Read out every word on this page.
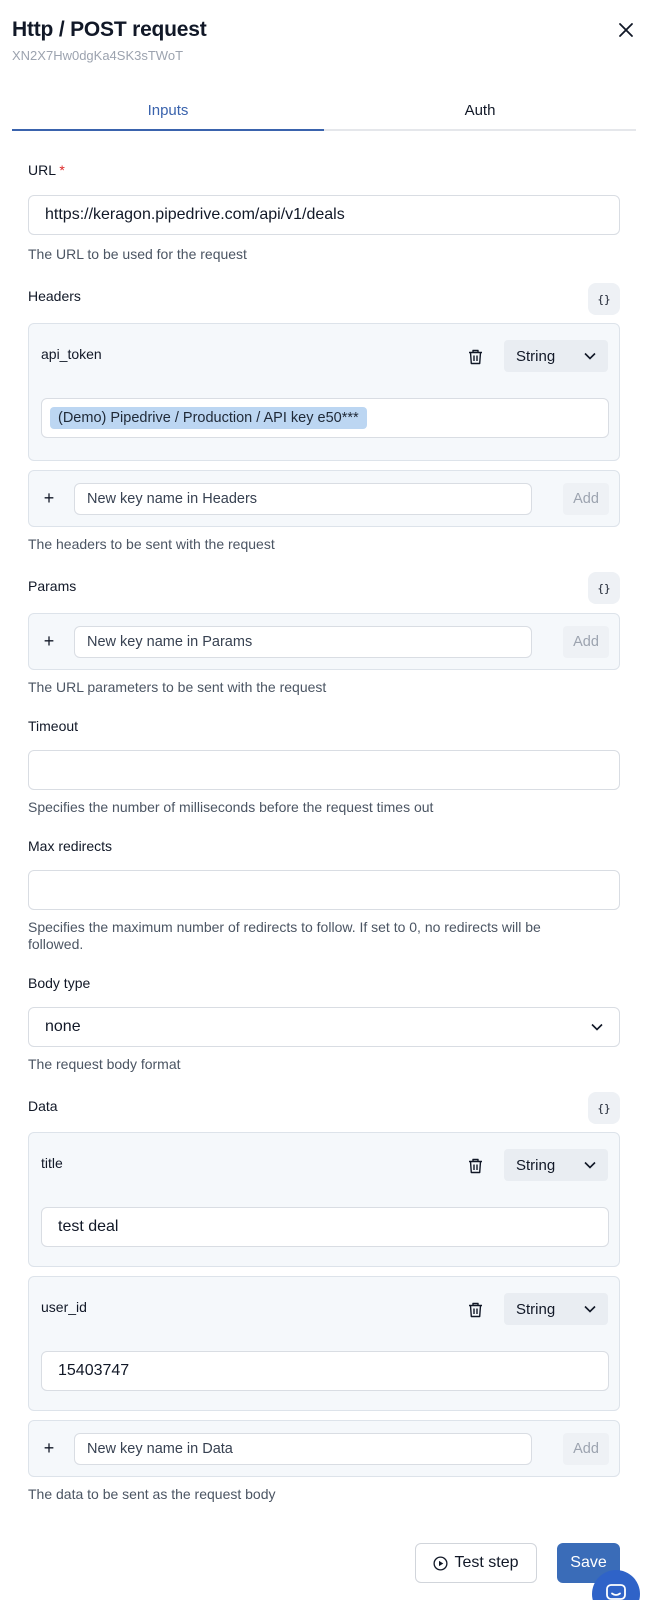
Http / POST request
XN2X7Hw0dgKa4SK3sTWoT
Inputs	Auth
URL *
https://keragon.pipedrive.com/api/v1/deals
The URL to be used for the request
Headers	{}
api_token	String
(Demo) Pipedrive / Production / API key e50***
+
New key name in Headers	Add
The headers to be sent with the request
Params	{}
+
New key name in Params	Add
The URL parameters to be sent with the request
Timeout
Specifies the number of milliseconds before the request times out
Max redirects
Specifies the maximum number of redirects to follow. If set to 0, no redirects will be followed.
Body type
none
The request body format
Data	{}
title	String
test deal
user_id	String
15403747
+
New key name in Data	Add
The data to be sent as the request body
Test step	Save
